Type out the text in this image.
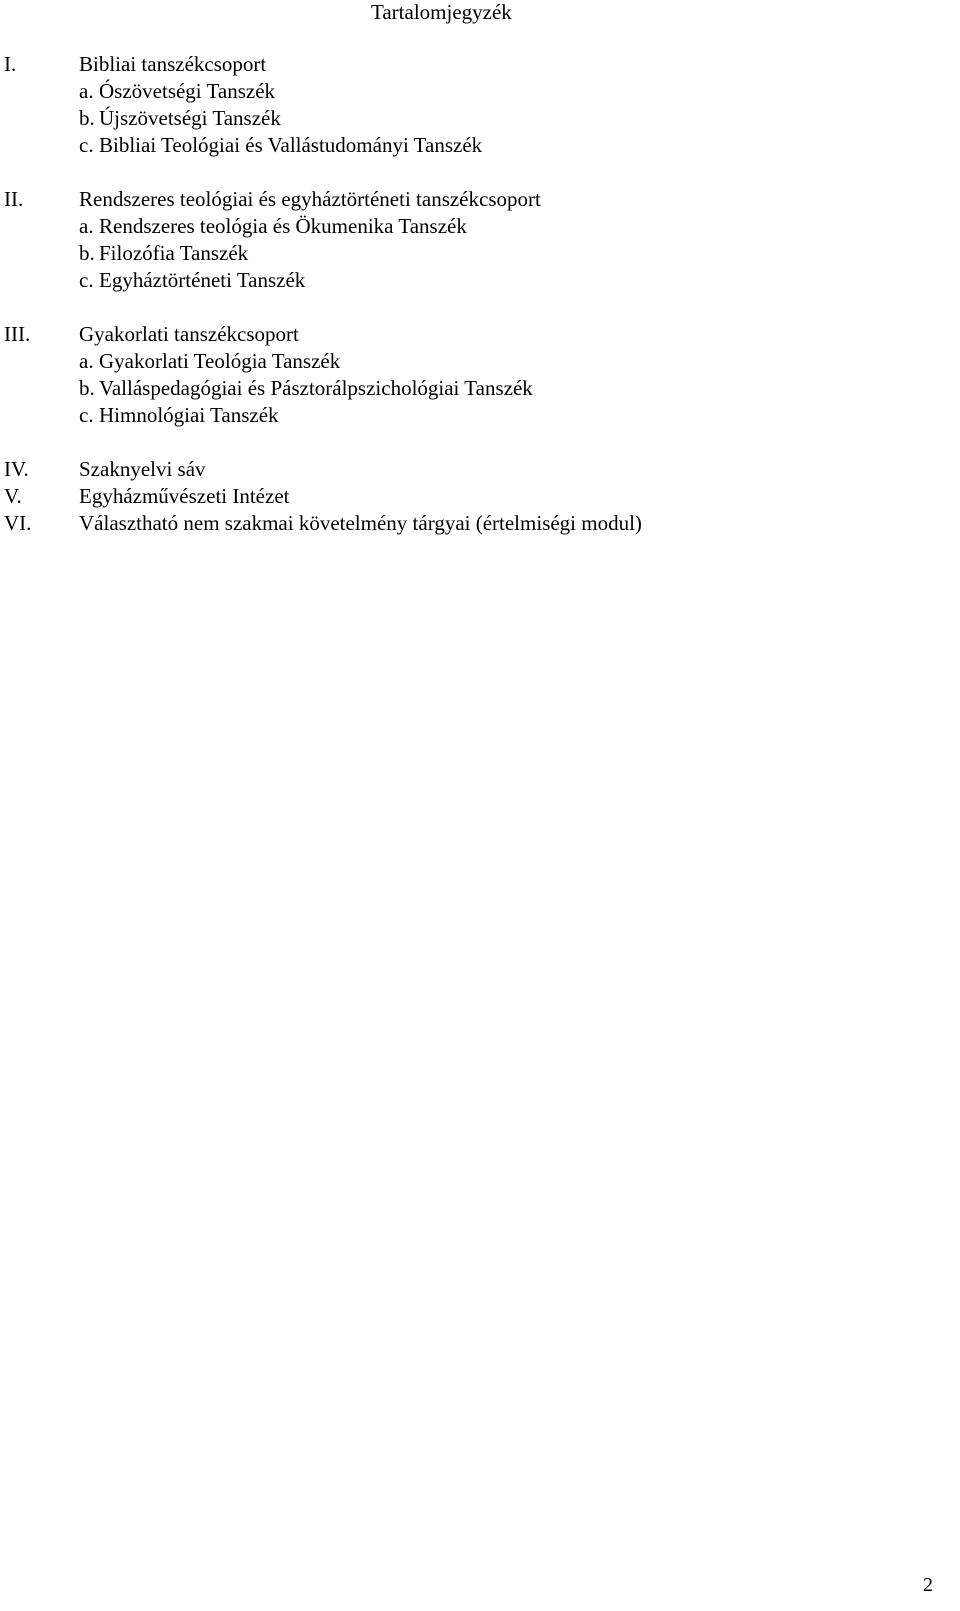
Tartalomjegyzék
I.	Bibliai tanszékcsoport
a. Ószövetségi Tanszék
b. Újszövetségi Tanszék
c. Bibliai Teológiai és Vallástudományi Tanszék
II.	Rendszeres teológiai és egyháztörténeti tanszékcsoport
a. Rendszeres teológia és Ökumenika Tanszék
b. Filozófia Tanszék
c. Egyháztörténeti Tanszék
III. Gyakorlati tanszékcsoport
a. Gyakorlati Teológia Tanszék
b. Valláspedagógiai és Pásztorálpszichológiai Tanszék
c. Himnológiai Tanszék
IV. Szaknyelvi sáv
V.	Egyházművészeti Intézet
VI. Választható nem szakmai követelmény tárgyai (értelmiségi modul)
2
